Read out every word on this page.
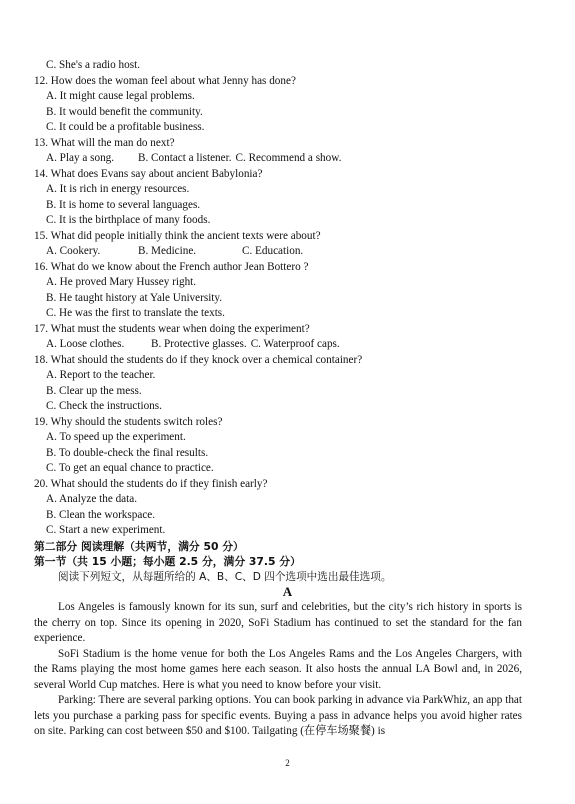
C. She's a radio host.
12. How does the woman feel about what Jenny has done?
A. It might cause legal problems.
B. It would benefit the community.
C. It could be a profitable business.
13. What will the man do next?
A. Play a song.	B. Contact a listener. C. Recommend a show.
14. What does Evans say about ancient Babylonia?
A. It is rich in energy resources.
B. It is home to several languages.
C. It is the birthplace of many foods.
15. What did people initially think the ancient texts were about?
A. Cookery.	B. Medicine.	C. Education.
16. What do we know about the French author Jean Bottero ?
A. He proved Mary Hussey right.
B. He taught history at Yale University.
C. He was the first to translate the texts.
17. What must the students wear when doing the experiment?
A. Loose clothes.	B. Protective glasses. C. Waterproof caps.
18. What should the students do if they knock over a chemical container?
A. Report to the teacher.
B. Clear up the mess.
C. Check the instructions.
19. Why should the students switch roles?
A. To speed up the experiment.
B. To double-check the final results.
C. To get an equal chance to practice.
20. What should the students do if they finish early?
A. Analyze the data.
B. Clean the workspace.
C. Start a new experiment.
第二部分 阅读理解（共两节，满分 50 分）
第一节（共 15 小题；每小题 2.5 分，满分 37.5 分）
阅读下列短文，从每题所给的 A、B、C、D 四个选项中选出最佳选项。
A
Los Angeles is famously known for its sun, surf and celebrities, but the city’s rich history in sports is the cherry on top. Since its opening in 2020, SoFi Stadium has continued to set the standard for the fan experience.
SoFi Stadium is the home venue for both the Los Angeles Rams and the Los Angeles Chargers, with the Rams playing the most home games here each season. It also hosts the annual LA Bowl and, in 2026, several World Cup matches. Here is what you need to know before your visit.
Parking: There are several parking options. You can book parking in advance via ParkWhiz, an app that lets you purchase a parking pass for specific events. Buying a pass in advance helps you avoid higher rates on site. Parking can cost between $50 and $100. Tailgating (在停车场聚餐) is
2
